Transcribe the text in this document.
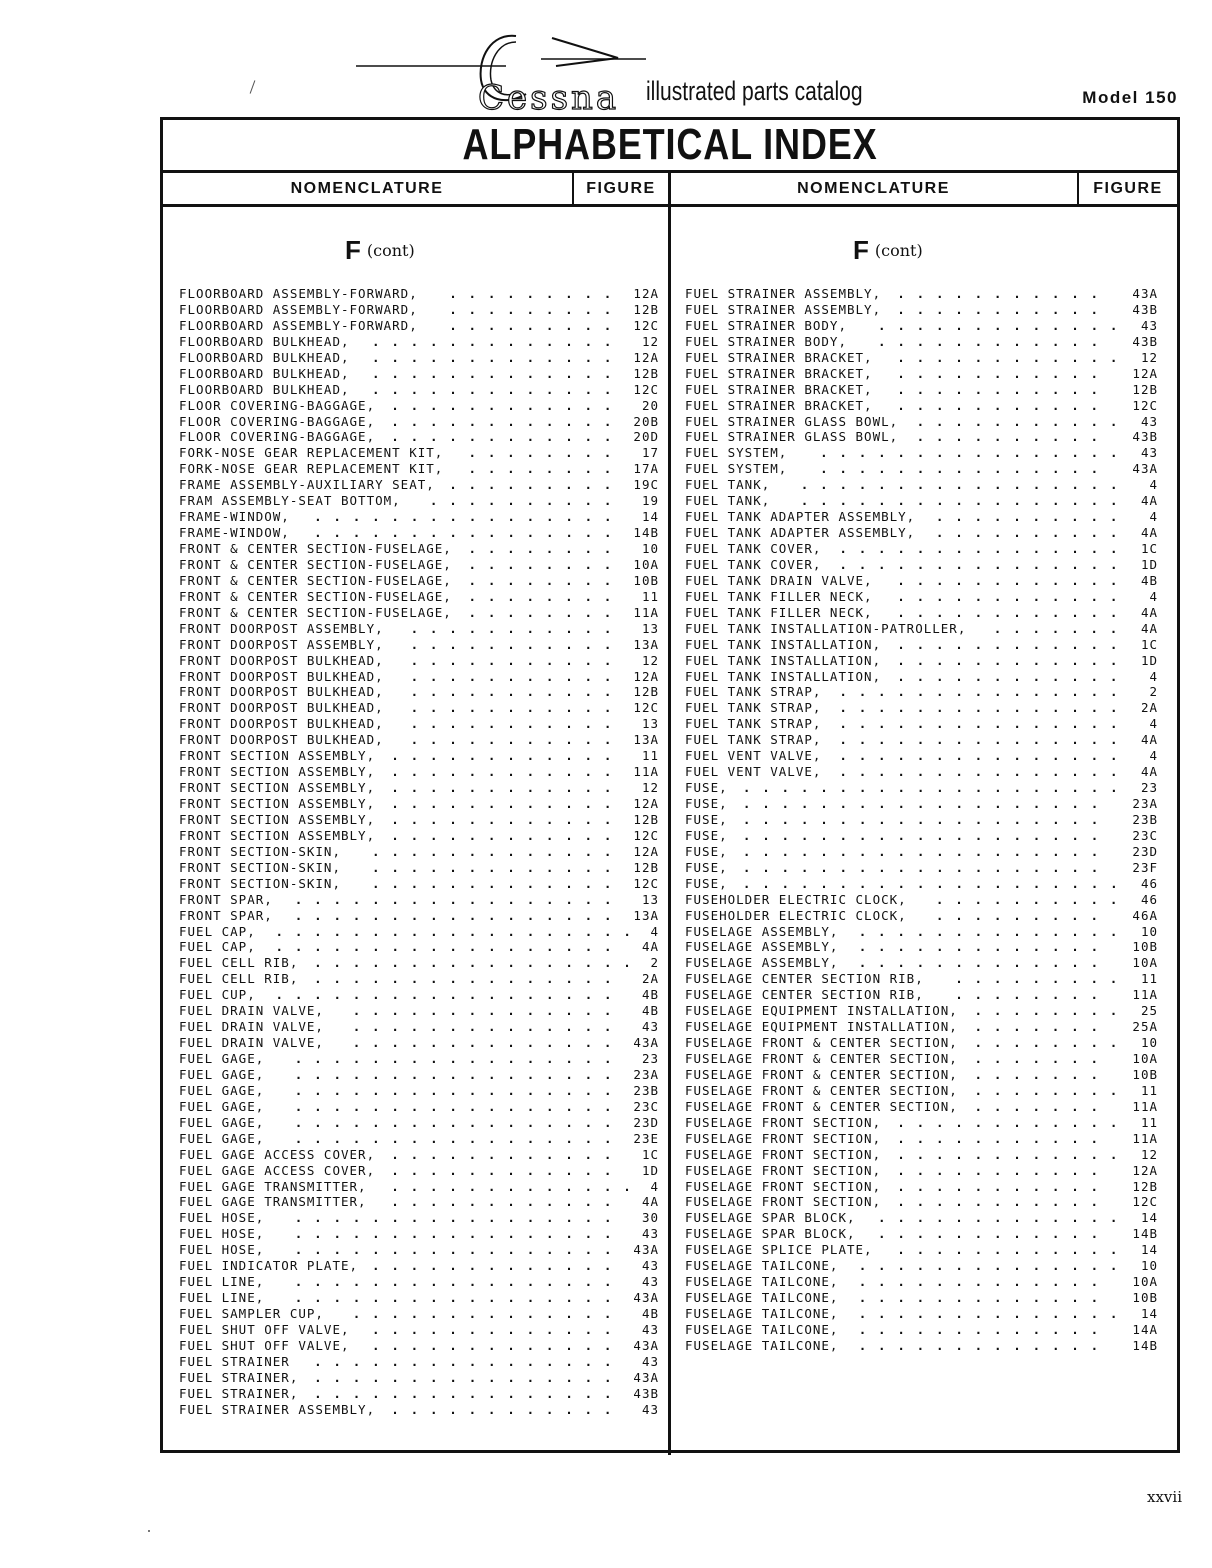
Cessna illustrated parts catalog	Model 150
ALPHABETICAL INDEX
NOMENCLATURE	FIGURE	NOMENCLATURE	FIGURE
F (cont)	F (cont)
FLOORBOARD ASSEMBLY-FORWARD,	......... 12A
FLOORBOARD ASSEMBLY-FORWARD,	......... 12B
FLOORBOARD ASSEMBLY-FORWARD,	......... 12C
FLOORBOARD BULKHEAD, ............. 12
FLOORBOARD BULKHEAD, ............. 12A
FLOORBOARD BULKHEAD, ............. 12B
FLOORBOARD BULKHEAD, ............. 12C
FLOOR COVERING-BAGGAGE, ............ 20
FLOOR COVERING-BAGGAGE, ............ 20B
FLOOR COVERING-BAGGAGE, ............ 20D
FORK-NOSE GEAR REPLACEMENT KIT, ........ 17
FORK-NOSE GEAR REPLACEMENT KIT, ........ 17A
FRAME ASSEMBLY-AUXILIARY SEAT, ......... 19C
FRAM ASSEMBLY-SEAT BOTTOM, .......... 19
FRAME-WINDOW, ................ 14
FRAME-WINDOW, ................ 14B
FRONT & CENTER SECTION-FUSELAGE, ........ 10
FRONT & CENTER SECTION-FUSELAGE, ........ 10A
FRONT & CENTER SECTION-FUSELAGE, ........ 10B
FRONT & CENTER SECTION-FUSELAGE, ........ 11
FRONT & CENTER SECTION-FUSELAGE, ........ 11A
FRONT DOORPOST ASSEMBLY, ........... 13
FRONT DOORPOST ASSEMBLY, ........... 13A
FRONT DOORPOST BULKHEAD, ........... 12
FRONT DOORPOST BULKHEAD, ........... 12A
FRONT DOORPOST BULKHEAD, ........... 12B
FRONT DOORPOST BULKHEAD, ........... 12C
FRONT DOORPOST BULKHEAD, ........... 13
FRONT DOORPOST BULKHEAD, ........... 13A
FRONT SECTION ASSEMBLY, ............ 11
FRONT SECTION ASSEMBLY, ............ 11A
FRONT SECTION ASSEMBLY, ............ 12
FRONT SECTION ASSEMBLY, ............ 12A
FRONT SECTION ASSEMBLY, ............ 12B
FRONT SECTION ASSEMBLY, ............ 12C
FRONT SECTION-SKIN, ............. 12A
FRONT SECTION-SKIN, ............. 12B
FRONT SECTION-SKIN, ............. 12C
FRONT SPAR, ................. 13
FRONT SPAR, ................. 13A
FUEL CAP, ................... 4
FUEL CAP, .................. 4A
FUEL CELL RIB, ................. 2
FUEL CELL RIB, ................ 2A
FUEL CUP, .................. 4B
FUEL DRAIN VALVE, .............. 4B
FUEL DRAIN VALVE, .............. 43
FUEL DRAIN VALVE, .............. 43A
FUEL GAGE, ................. 23
FUEL GAGE, ................. 23A
FUEL GAGE, ................. 23B
FUEL GAGE, ................. 23C
FUEL GAGE, ................. 23D
FUEL GAGE, ................. 23E
FUEL GAGE ACCESS COVER, ............ 1C
FUEL GAGE ACCESS COVER, ............ 1D
FUEL GAGE TRANSMITTER, ............. 4
FUEL GAGE TRANSMITTER, ............ 4A
FUEL HOSE, ................. 30
FUEL HOSE, ................. 43
FUEL HOSE, ................. 43A
FUEL INDICATOR PLATE, ............. 43
FUEL LINE, ................. 43
FUEL LINE, ................. 43A
FUEL SAMPLER CUP, .............. 4B
FUEL SHUT OFF VALVE, ............. 43
FUEL SHUT OFF VALVE, ............. 43A
FUEL STRAINER ................ 43
FUEL STRAINER, ................ 43A
FUEL STRAINER, ................ 43B
FUEL STRAINER ASSEMBLY, ............ 43
FUEL STRAINER ASSEMBLY, ........... 43A
FUEL STRAINER ASSEMBLY, ........... 43B
FUEL STRAINER BODY, ............. 43
FUEL STRAINER BODY, ............ 43B
FUEL STRAINER BRACKET, ............ 12
FUEL STRAINER BRACKET, ........... 12A
FUEL STRAINER BRACKET, ........... 12B
FUEL STRAINER BRACKET, ........... 12C
FUEL STRAINER GLASS BOWL, ........... 43
FUEL STRAINER GLASS BOWL, .......... 43B
FUEL SYSTEM,	................ 43
FUEL SYSTEM,	............... 43A
FUEL TANK, ................. 4
FUEL TANK, ................. 4A
FUEL TANK ADAPTER ASSEMBLY, .......... 4
FUEL TANK ADAPTER ASSEMBLY, .......... 4A
FUEL TANK COVER, ............... 1C
FUEL TANK COVER, ............... 1D
FUEL TANK DRAIN VALVE, ............ 4B
FUEL TANK FILLER NECK, ............ 4
FUEL TANK FILLER NECK, ............ 4A
FUEL TANK INSTALLATION-PATROLLER, ....... 4A
FUEL TANK INSTALLATION, ............ 1C
FUEL TANK INSTALLATION, ............ 1D
FUEL TANK INSTALLATION, ............ 4
FUEL TANK STRAP, ............... 2
FUEL TANK STRAP, ............... 2A
FUEL TANK STRAP, ............... 4
FUEL TANK STRAP, ............... 4A
FUEL VENT VALVE, ............... 4
FUEL VENT VALVE, ............... 4A
FUSE, .................... 23
FUSE, ................... 23A
FUSE, ................... 23B
FUSE, ................... 23C
FUSE, ................... 23D
FUSE, ................... 23F
FUSE, .................... 46
FUSEHOLDER ELECTRIC CLOCK, .......... 46
FUSEHOLDER ELECTRIC CLOCK, ......... 46A
FUSELAGE ASSEMBLY, .............. 10
FUSELAGE ASSEMBLY, ............. 10B
FUSELAGE ASSEMBLY, ............. 10A
FUSELAGE CENTER SECTION RIB,	......... 11
FUSELAGE CENTER SECTION RIB,	........ 11A
FUSELAGE EQUIPMENT INSTALLATION, ........ 25
FUSELAGE EQUIPMENT INSTALLATION, ....... 25A
FUSELAGE FRONT & CENTER SECTION, ........ 10
FUSELAGE FRONT & CENTER SECTION, ....... 10A
FUSELAGE FRONT & CENTER SECTION, ....... 10B
FUSELAGE FRONT & CENTER SECTION, ........ 11
FUSELAGE FRONT & CENTER SECTION, ....... 11A
FUSELAGE FRONT SECTION, ............ 11
FUSELAGE FRONT SECTION, ........... 11A
FUSELAGE FRONT SECTION, ............ 12
FUSELAGE FRONT SECTION, ........... 12A
FUSELAGE FRONT SECTION, ........... 12B
FUSELAGE FRONT SECTION, ........... 12C
FUSELAGE SPAR BLOCK, ............. 14
FUSELAGE SPAR BLOCK, ............ 14B
FUSELAGE SPLICE PLATE, ............ 14
FUSELAGE TAILCONE, .............. 10
FUSELAGE TAILCONE, ............. 10A
FUSELAGE TAILCONE, ............. 10B
FUSELAGE TAILCONE, .............. 14
FUSELAGE TAILCONE, ............. 14A
FUSELAGE TAILCONE, ............. 14B
xxvii
